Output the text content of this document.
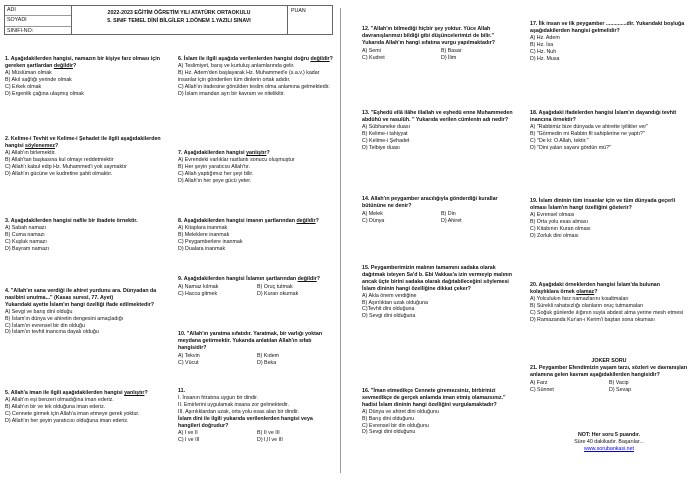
ADI
SOYADI
SINIFI-NO:
2022-2023 EĞİTİM ÖĞRETİM YILI ATATÜRK ORTAOKULU
5. SINIF TEMEL DİNİ BİLGİLER 1.DÖNEM 1.YAZILI SINAVI
PUAN
1. Aşağıdakilerden hangisi, namazın bir kişiye farz olması için gereken şartlardan değildir?
A) Müslüman olmak
B) Akıl sağlığı yerinde olmak
C) Erkek olmak
D) Ergenlik çağına ulaşmış olmak
2. Kelime-i Tevhit ve Kelime-i Şehadet ile ilgili aşağıdakilerden hangisi söylenemez?
A) Allah'ın birlemektir.
B) Allah'tan başkasına kul olmayı reddetmektir
C) Allah'ı kabul edip Hz. Muhammed'i yok saymaktır
D) Allah'ın gücüne ve kudretine şahit olmaktır.
3. Aşağıdakilerden hangisi nafile bir ibadete örnektir.
A) Sabah namazı
B) Cuma namazı
C) Kuşluk namazı
D) Bayram namazı
4. "Allah'ın sana verdiği ile ahiret yurdunu ara. Dünyadan da nasibini unutma..." (Kasas suresi, 77. Ayet)
Yukarıdaki ayette İslam'ın hangi özelliği ifade edilmektedir?
A) Sevgi ve barış dini olduğu
B) İslam'ın dünya ve ahiretin dengesini amaçladığı
C) İslam'ın evrensel bir din olduğu
D) İslam'ın tevhit inancına dayalı olduğu
5. Allah'a iman ile ilgili aşağıdakilerden hangisi yanlıştır?
A) Allah'ın eşi benzeri olmadığına iman ederiz.
B) Allah'ın bir ve tek olduğuna iman ederiz.
C) Cennete girmek için Allah'a iman etmeye gerek yoktur.
D) Allah'ın her şeyin yaratıcısı olduğuna iman ederiz.
6. İslam ile ilgili aşağıda verilenlerden hangisi doğru değildir?
A) Teslimiyet, barış ve kurtuluş anlamlarında gelir.
B) Hz. Adem'den başlayarak Hz. Muhammed'e (s.a.v.) kadar insanlar için gönderilen tüm dinlerin ortak adıdır.
C) Allah'ın iradesine gönülden teslim olma anlamına gelmektedir.
D) İslam imandan ayrı bir kavram ve nitelikitir.
7. Aşağıdakilerden hangisi yanlıştır?
A) Evrendeki varlıklar rastlantı sonucu oluşmuştur
B) Her şeyin yaratıcısı Allah'tır.
C) Allah yaptığımız her şeyi bilir.
D) Allah'ın her şeye gücü yeter.
8. Aşağıdakilerden hangisi imanın şartlarından değildir?
A) Kitaplara inanmak
B) Meleklere inanmak
C) Peygamberlere inanmak
D) Dualara inanmak
9. Aşağıdakilerden hangisi İslamın şartlarından değildir?
A) Namaz kılmak	B) Oruç tutmak
C) Hacca gitmek	D) Kuran okumak
10. "Allah'ın yaratma sıfatıdır. Yaratmak, bir varlığı yoktan meydana getirmektir. Yukarıda anlatılan Allah'ın sıfatı hangisidir?
A) Tekvin	B) Kıdem
C) Vücut	D) Beka
11.
I. İnsanın fıtratına uygun bir dindir.
II. Emirlerini uygulamak insana zor gelmektedir.
III. Aşırılıklardan uzak, orta yolu esas alan bir dindir.
İslam dini ile ilgili yukarıda verilenlerden hangisi veya hangileri doğrudur?
A) I ve II	B) II ve III
C) I ve III	D) I,II ve III
12. "Allah'ın bilmediği hiçbir şey yoktur. Yüce Allah davranışlarımızı bildiği gibi düşüncelerimizi de bilir."
Yukarıda Allah'ın hangi sıfatına vurgu yapılmaktadır?
A) Semi	B) Basar
C) Kudret	D) İlim
13. "Eşhedü ellâ ilâhe illallah ve eşhedü enne Muhammeden abdühû ve rasulüh. " Yukarıda verilen cümlenin adı nedir?
A) Sübhaneke duası
B) Kelime-i tahiyyat
C) Kelime-i Şehadet
D) Telbiye duası
14. Allah'ın peygamber aracılığıyla gönderdiği kurallar bütününe ne denir?
A) Melek	B) Din
C) Dünya	D) Ahiret
15. Peygamberimizin malının tamamını sadaka olarak dağıtmak isteyen Sa'd b. Ebi Vakkas'a izin vermeyip malının ancak üçte birini sadaka olarak dağıtabileceğini söylemesi İslam dininin hangi özelliğine dikkat çeker?
A) Akla önem verdiğine
B) Aşırılıktan uzak olduğuna
C)Tevhit dini olduğuna
D) Sevgi dini olduğuna
16. "İman etmedikçe Cennete giremezsiniz, birbirinizi sevmedikçe de gerçek anlamda iman etmiş olamazsınız." hadisi İslam dininin hangi özelliğini vurgulamaktadır?
A) Dünya ve ahiret dini olduğunu
B) Barış dini olduğunu
C) Evrensel bir din olduğunu
D) Sevgi dini olduğunu
17. İlk insan ve ilk peygamber ..............dir. Yukarıdaki boşluğa aşağıdakilerden hangisi gelmelidir?
A) Hz. Adem
B) Hz. İsa
C) Hz. Nuh
D) Hz. Musa
18. Aşağıdaki ifadelerden hangisi İslam'ın dayandığı tevhit inancına örnektir?
A) "Rabbimiz bize dünyada ve ahirette iyilikler ver"
B) "Görmedin mi Rabbin fil sahiplerine ne yaptı?"
C) "De ki: O Allah, tektir."
D) "Dini yalan sayanı gördün mü?"
19. İslam dininin tüm insanlar için ve tüm dünyada geçerli olması İslam'ın hangi özelliğini gösterir?
A) Evrensel olması
B) Orta yolu esas alması
C) Kitabının Kuran olması
D) Zorluk dini olması
20. Aşağıdaki örneklerden hangisi İslam'da bulunan kolaylıklara örnek olamaz?
A) Yolculukın farz namazlarını kısaltmaları
B) Sürekli rahatsızlığı olanların oruç tutmamaları
C) Soğuk günlerde ılığının suyla abdest alma yerine mesh etmesi
D) Ramazanda Kur'an-ı Kerim'i baştan sona okuması
JOKER SORU
21. Peygamber Efendimizin yaşam tarzı, sözleri ve davranışları anlamına gelen kavram aşağıdakilerden hangisidir?
A) Farz	B) Vacip
C) Sünnet	D) Sevap
NOT: Her soru 5 puandır.
Süre 40 dakikadır. Başarılar...
www.sorubankasi.net
